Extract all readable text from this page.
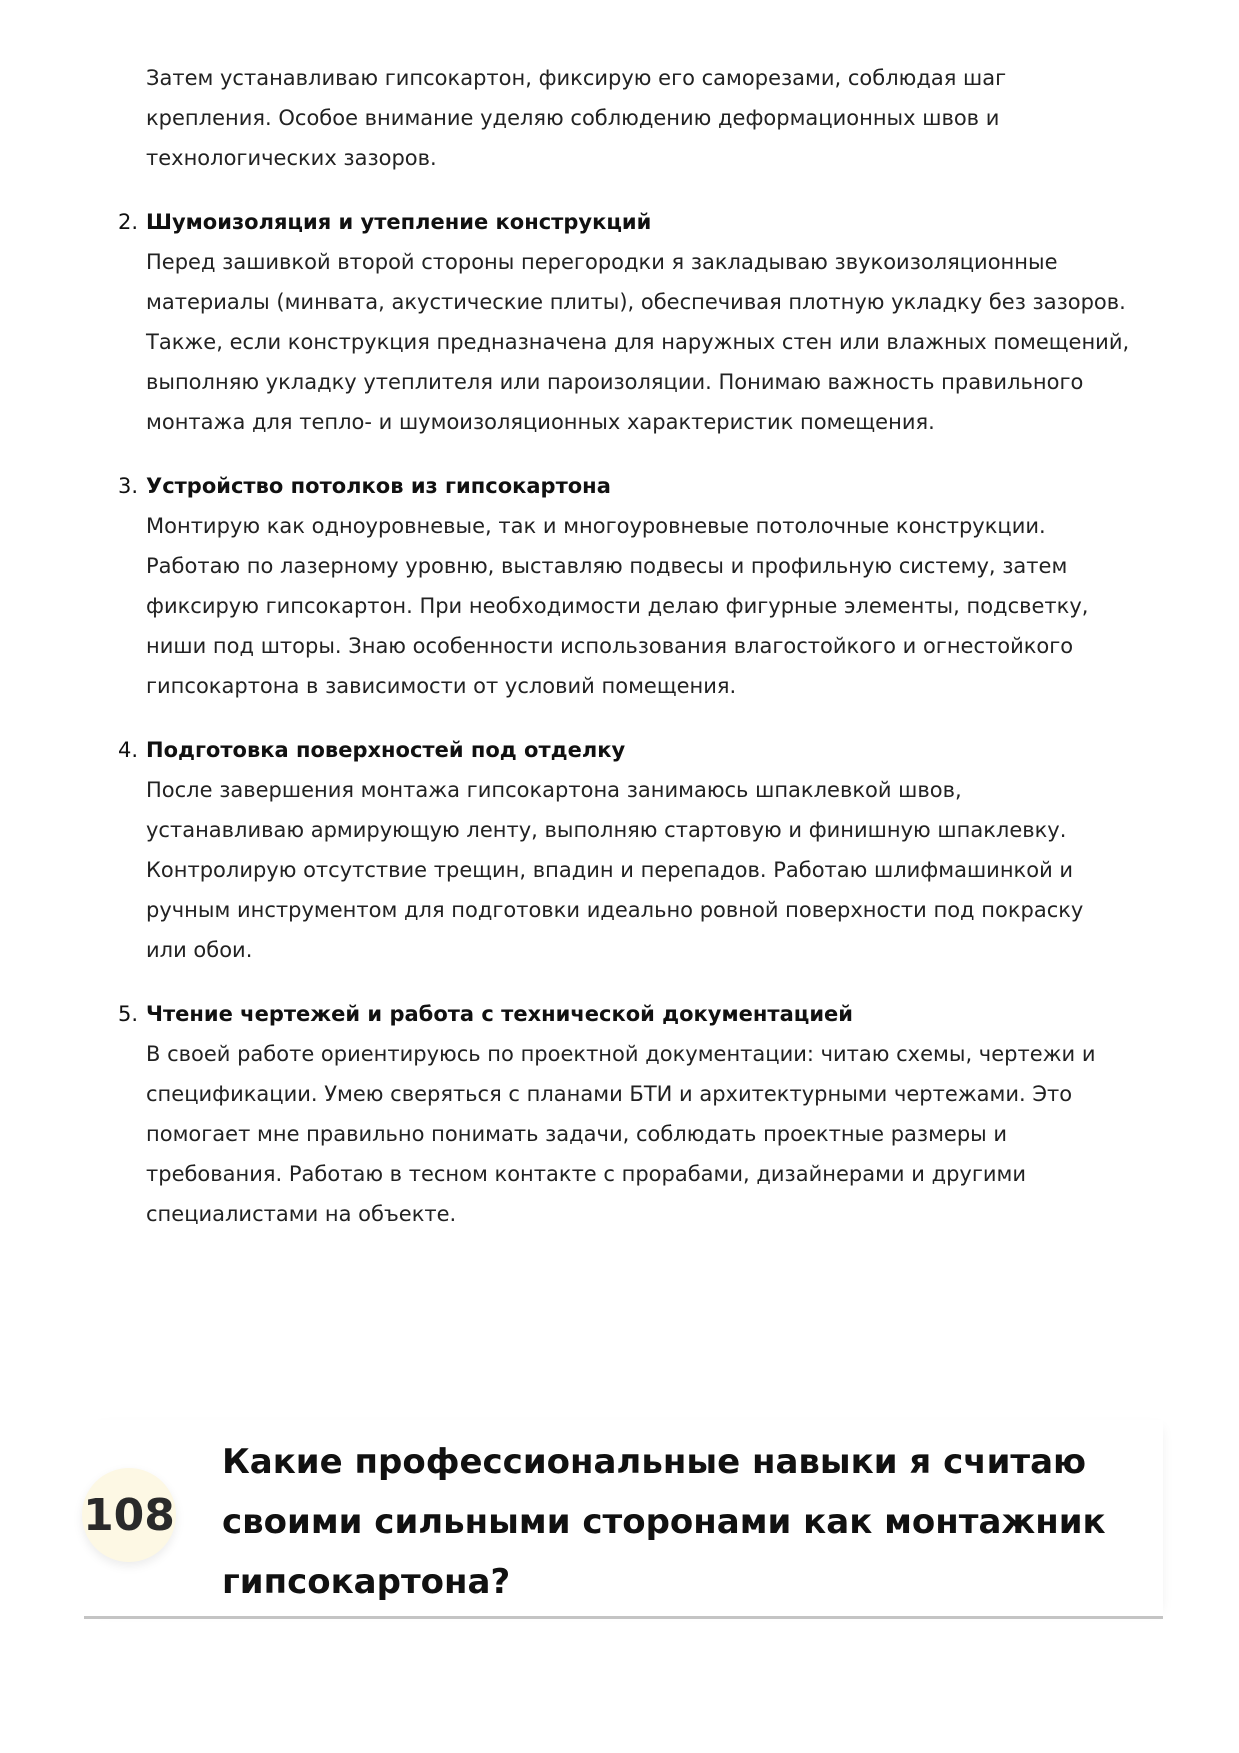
Затем устанавливаю гипсокартон, фиксирую его саморезами, соблюдая шаг
крепления. Особое внимание уделяю соблюдению деформационных швов и
технологических зазоров.
2. Шумоизоляция и утепление конструкций
Перед зашивкой второй стороны перегородки я закладываю звукоизоляционные
материалы (минвата, акустические плиты), обеспечивая плотную укладку без зазоров.
Также, если конструкция предназначена для наружных стен или влажных помещений,
выполняю укладку утеплителя или пароизоляции. Понимаю важность правильного
монтажа для тепло- и шумоизоляционных характеристик помещения.
3. Устройство потолков из гипсокартона
Монтирую как одноуровневые, так и многоуровневые потолочные конструкции.
Работаю по лазерному уровню, выставляю подвесы и профильную систему, затем
фиксирую гипсокартон. При необходимости делаю фигурные элементы, подсветку,
ниши под шторы. Знаю особенности использования влагостойкого и огнестойкого
гипсокартона в зависимости от условий помещения.
4. Подготовка поверхностей под отделку
После завершения монтажа гипсокартона занимаюсь шпаклевкой швов,
устанавливаю армирующую ленту, выполняю стартовую и финишную шпаклевку.
Контролирую отсутствие трещин, впадин и перепадов. Работаю шлифмашинкой и
ручным инструментом для подготовки идеально ровной поверхности под покраску
или обои.
5. Чтение чертежей и работа с технической документацией
В своей работе ориентируюсь по проектной документации: читаю схемы, чертежи и
спецификации. Умею сверяться с планами БТИ и архитектурными чертежами. Это
помогает мне правильно понимать задачи, соблюдать проектные размеры и
требования. Работаю в тесном контакте с прорабами, дизайнерами и другими
специалистами на объекте.
108
Какие профессиональные навыки я считаю
своими сильными сторонами как монтажник
гипсокартона?
